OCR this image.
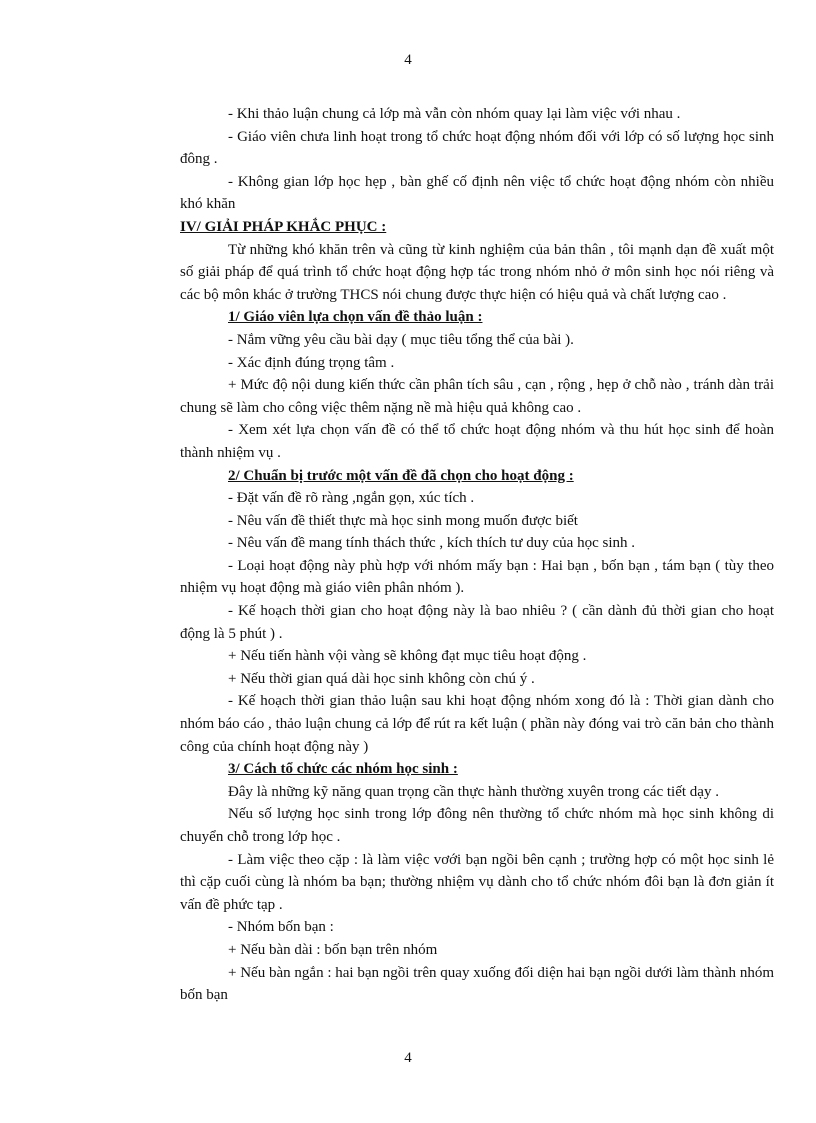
4

- Khi thảo luận chung cả lớp mà vẫn còn nhóm quay lại làm việc với nhau .

- Giáo viên chưa linh hoạt trong tổ chức hoạt động nhóm đối với lớp có số lượng học sinh đông .

- Không gian lớp học hẹp , bàn ghế cố định nên việc tổ chức hoạt động nhóm còn nhiều khó khăn

IV/ GIẢI PHÁP KHẮC PHỤC :

Từ những khó khăn trên và cũng từ kinh nghiệm của bản thân , tôi mạnh dạn đề xuất một số giải pháp để quá trình tổ chức hoạt động hợp tác trong nhóm nhỏ ở môn sinh học nói riêng và các bộ môn khác ở trường THCS nói chung được thực hiện có hiệu quả và chất lượng cao .

1/ Giáo viên lựa chọn vấn đề thảo luận :

- Nắm vững yêu cầu bài dạy ( mục tiêu tổng thể của bài ).

- Xác định đúng trọng tâm .

+ Mức độ nội dung kiến thức cần phân tích sâu , cạn , rộng , hẹp ở chỗ nào , tránh dàn trải chung sẽ làm cho công việc thêm nặng nề mà hiệu quả không cao .

- Xem xét lựa chọn vấn đề có thể tổ chức hoạt động nhóm và thu hút học sinh để hoàn thành nhiệm vụ .

2/ Chuẩn bị trước một vấn đề đã chọn cho hoạt động :

- Đặt vấn đề rõ ràng ,ngắn gọn, xúc tích .

- Nêu vấn đề thiết thực mà học sinh mong muốn được biết

- Nêu vấn đề mang tính thách thức , kích thích tư duy của học sinh .

- Loại hoạt động này phù hợp với nhóm mấy bạn : Hai bạn , bốn bạn , tám bạn ( tùy theo nhiệm vụ hoạt động mà giáo viên phân nhóm ).

- Kế hoạch thời gian cho hoạt động này là bao nhiêu ? ( cần dành đủ thời gian cho hoạt động là 5 phút ) .

+ Nếu tiến hành vội vàng sẽ không đạt mục tiêu hoạt động .

+ Nếu thời gian quá dài học sinh không còn chú ý .

- Kế hoạch thời gian thảo luận sau khi hoạt động nhóm xong đó là : Thời gian dành cho nhóm báo cáo , thảo luận chung cả lớp để rút ra kết luận ( phần này đóng vai trò căn bản cho thành công của chính hoạt động này )

3/ Cách tổ chức các nhóm học sinh :

Đây là những kỹ năng quan trọng cần thực hành thường xuyên trong các tiết dạy .

Nếu số lượng học sinh trong lớp đông nên thường tổ chức nhóm mà học sinh không di chuyển chỗ trong lớp học .

- Làm việc theo cặp : là làm việc vơới bạn ngồi bên cạnh ; trường hợp có một học sinh lẻ thì cặp cuối cùng là nhóm ba bạn; thường nhiệm vụ dành cho tổ chức nhóm đôi bạn là đơn giản ít vấn đề phức tạp .

- Nhóm bốn bạn :

+ Nếu bàn dài : bốn bạn trên nhóm

+ Nếu bàn ngắn : hai bạn ngồi trên quay xuống đối diện hai bạn ngồi dưới làm thành nhóm bốn bạn

4
